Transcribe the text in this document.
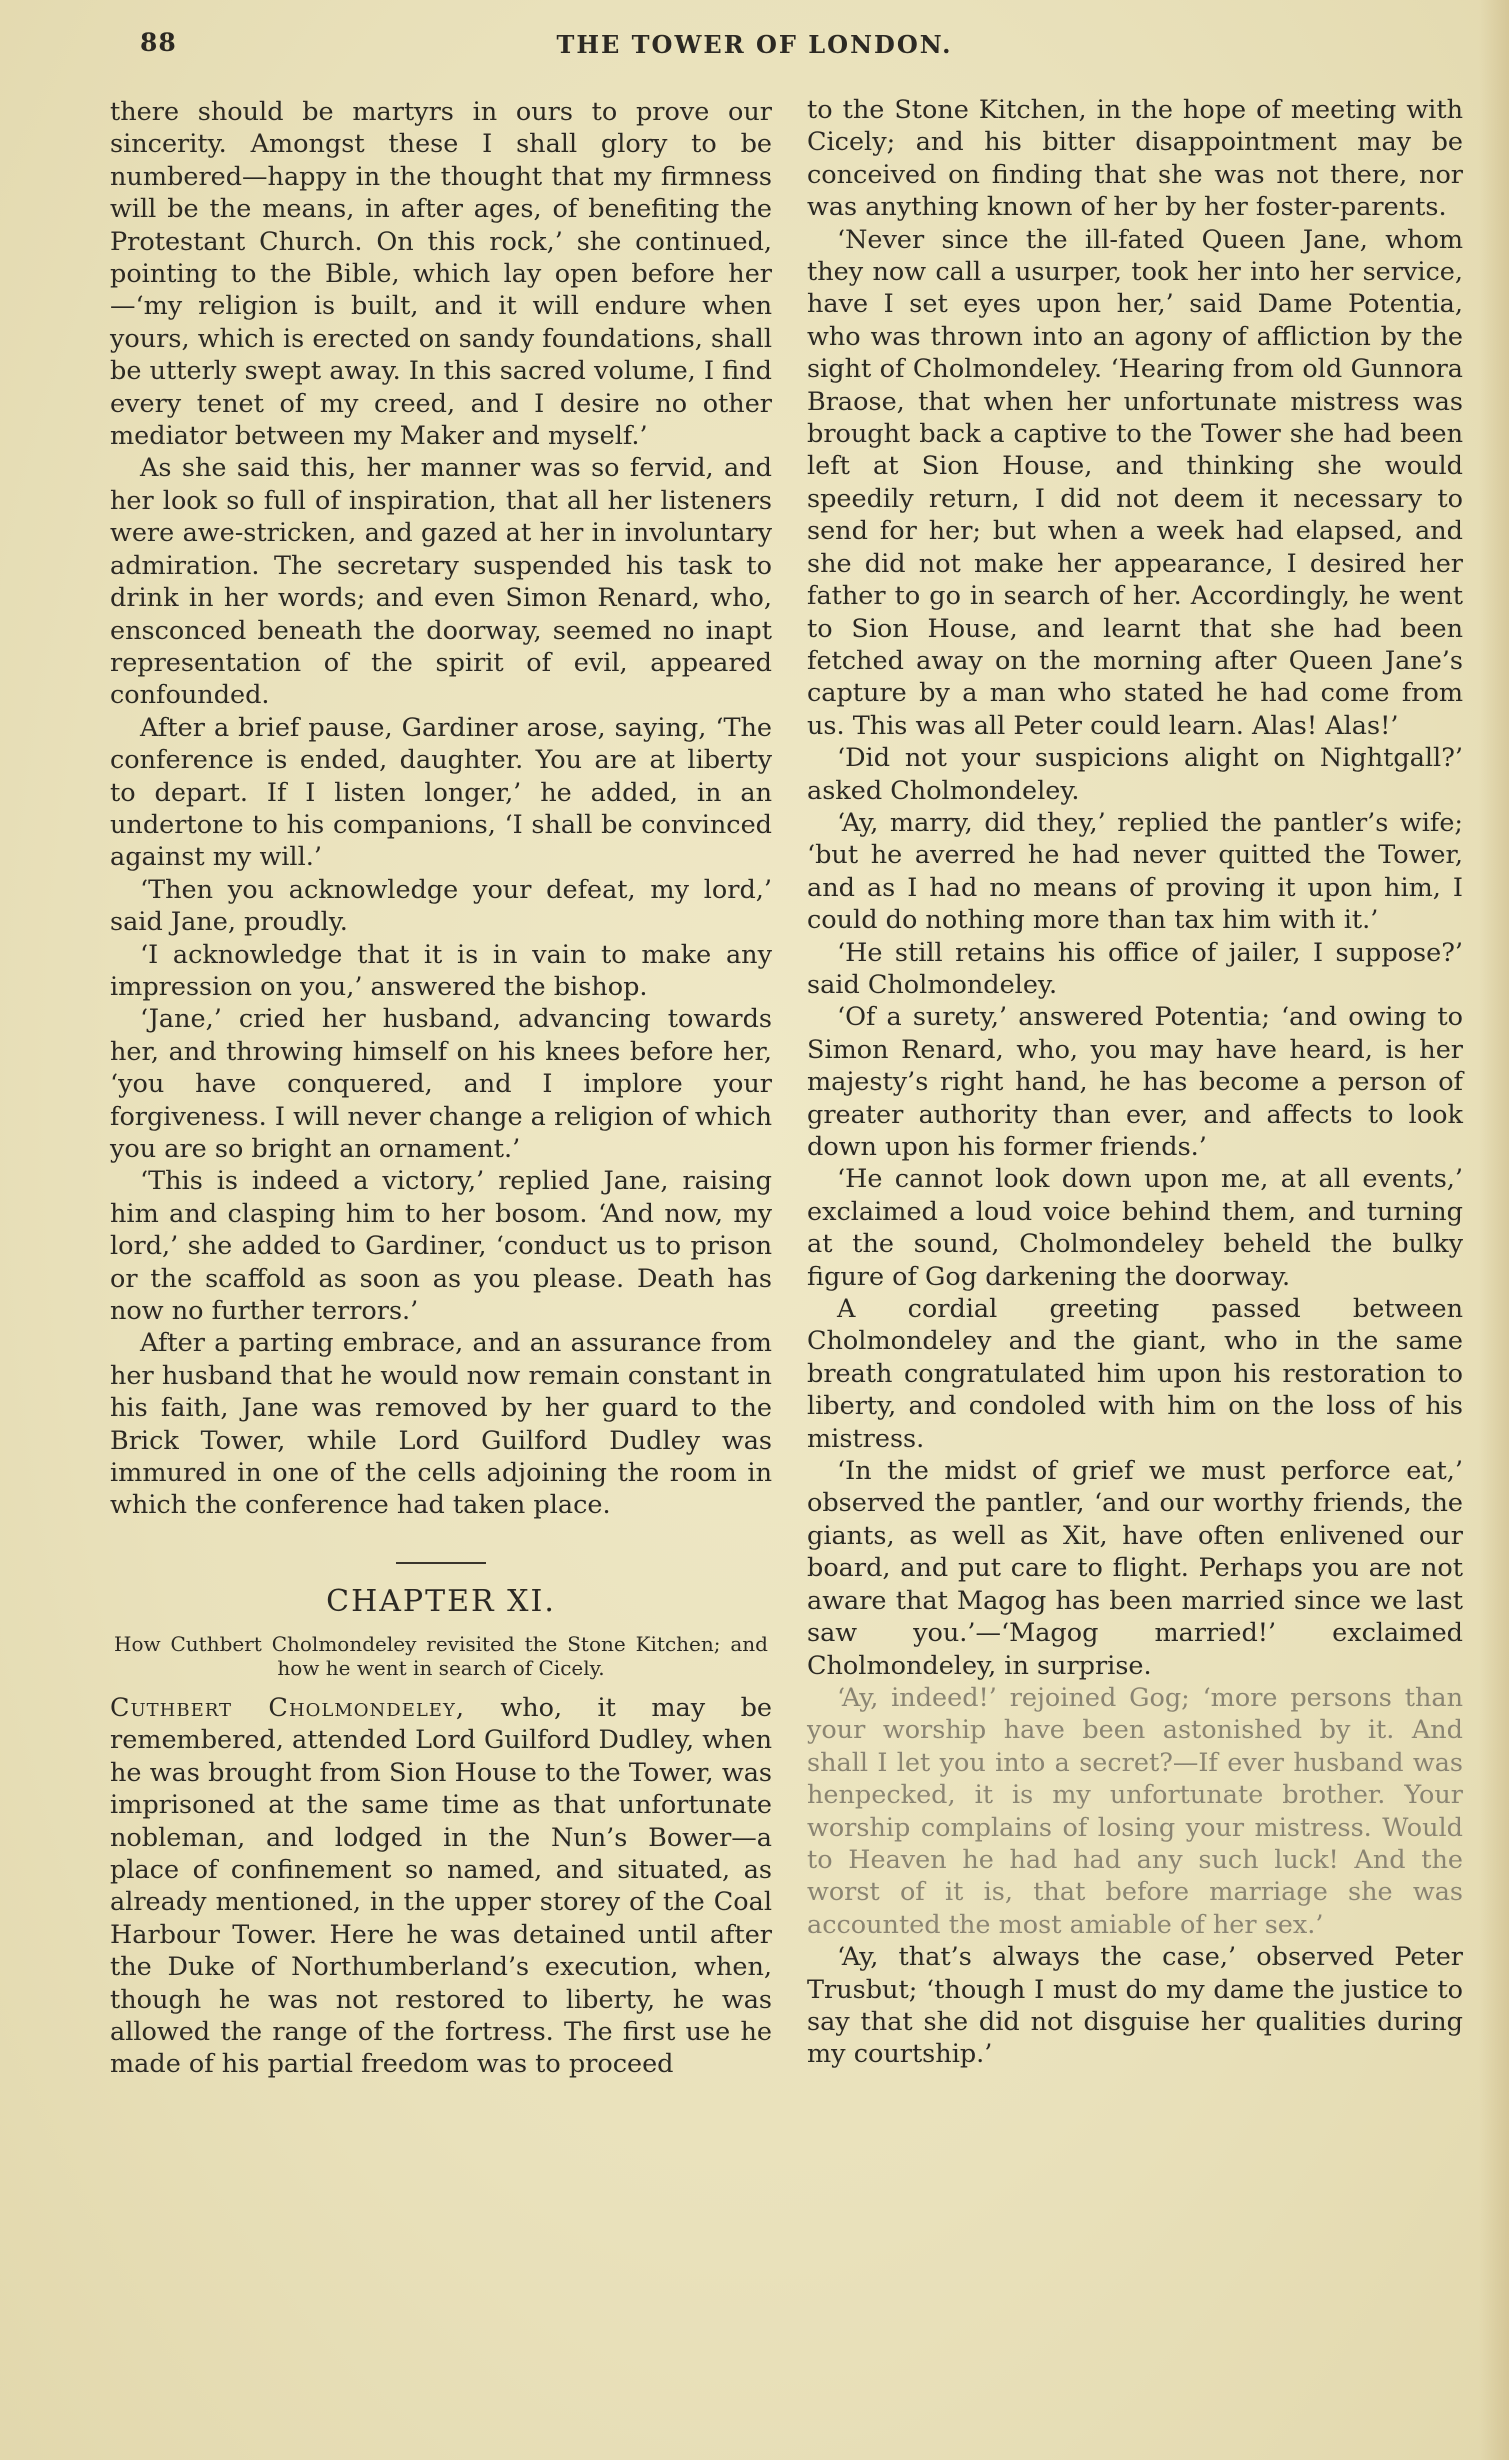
88	THE TOWER OF LONDON.

there should be martyrs in ours to prove our sincerity. Amongst these I shall glory to be numbered—happy in the thought that my firmness will be the means, in after ages, of benefiting the Protestant Church. On this rock,’ she continued, pointing to the Bible, which lay open before her—‘my religion is built, and it will endure when yours, which is erected on sandy foundations, shall be utterly swept away. In this sacred volume, I find every tenet of my creed, and I desire no other mediator between my Maker and myself.’

As she said this, her manner was so fervid, and her look so full of inspiration, that all her listeners were awe-stricken, and gazed at her in involuntary admiration. The secretary suspended his task to drink in her words; and even Simon Renard, who, ensconced beneath the doorway, seemed no inapt representation of the spirit of evil, appeared confounded.

After a brief pause, Gardiner arose, saying, ‘The conference is ended, daughter. You are at liberty to depart. If I listen longer,’ he added, in an undertone to his companions, ‘I shall be convinced against my will.’

‘Then you acknowledge your defeat, my lord,’ said Jane, proudly.

‘I acknowledge that it is in vain to make any impression on you,’ answered the bishop.

‘Jane,’ cried her husband, advancing towards her, and throwing himself on his knees before her, ‘you have conquered, and I implore your forgiveness. I will never change a religion of which you are so bright an ornament.’

‘This is indeed a victory,’ replied Jane, raising him and clasping him to her bosom. ‘And now, my lord,’ she added to Gardiner, ‘conduct us to prison or the scaffold as soon as you please. Death has now no further terrors.’

After a parting embrace, and an assurance from her husband that he would now remain constant in his faith, Jane was removed by her guard to the Brick Tower, while Lord Guilford Dudley was immured in one of the cells adjoining the room in which the conference had taken place.

CHAPTER XI.
How Cuthbert Cholmondeley revisited the Stone Kitchen; and how he went in search of Cicely.

Cuthbert Cholmondeley, who, it may be remembered, attended Lord Guilford Dudley, when he was brought from Sion House to the Tower, was imprisoned at the same time as that unfortunate nobleman, and lodged in the Nun’s Bower—a place of confinement so named, and situated, as already mentioned, in the upper storey of the Coal Harbour Tower. Here he was detained until after the Duke of Northumberland’s execution, when, though he was not restored to liberty, he was allowed the range of the fortress. The first use he made of his partial freedom was to proceed

to the Stone Kitchen, in the hope of meeting with Cicely; and his bitter disappointment may be conceived on finding that she was not there, nor was anything known of her by her foster-parents.

‘Never since the ill-fated Queen Jane, whom they now call a usurper, took her into her service, have I set eyes upon her,’ said Dame Potentia, who was thrown into an agony of affliction by the sight of Cholmondeley. ‘Hearing from old Gunnora Braose, that when her unfortunate mistress was brought back a captive to the Tower she had been left at Sion House, and thinking she would speedily return, I did not deem it necessary to send for her; but when a week had elapsed, and she did not make her appearance, I desired her father to go in search of her. Accordingly, he went to Sion House, and learnt that she had been fetched away on the morning after Queen Jane’s capture by a man who stated he had come from us. This was all Peter could learn. Alas! Alas!’

‘Did not your suspicions alight on Nightgall?’ asked Cholmondeley.

‘Ay, marry, did they,’ replied the pantler’s wife; ‘but he averred he had never quitted the Tower, and as I had no means of proving it upon him, I could do nothing more than tax him with it.’

‘He still retains his office of jailer, I suppose?’ said Cholmondeley.

‘Of a surety,’ answered Potentia; ‘and owing to Simon Renard, who, you may have heard, is her majesty’s right hand, he has become a person of greater authority than ever, and affects to look down upon his former friends.’

‘He cannot look down upon me, at all events,’ exclaimed a loud voice behind them, and turning at the sound, Cholmondeley beheld the bulky figure of Gog darkening the doorway.

A cordial greeting passed between Cholmondeley and the giant, who in the same breath congratulated him upon his restoration to liberty, and condoled with him on the loss of his mistress.

‘In the midst of grief we must perforce eat,’ observed the pantler, ‘and our worthy friends, the giants, as well as Xit, have often enlivened our board, and put care to flight. Perhaps you are not aware that Magog has been married since we last saw you.’—‘Magog married!’ exclaimed Cholmondeley, in surprise.

‘Ay, indeed!’ rejoined Gog; ‘more persons than your worship have been astonished by it. And shall I let you into a secret?—If ever husband was henpecked, it is my unfortunate brother. Your worship complains of losing your mistress. Would to Heaven he had had any such luck! And the worst of it is, that before marriage she was accounted the most amiable of her sex.’

‘Ay, that’s always the case,’ observed Peter Trusbut; ‘though I must do my dame the justice to say that she did not disguise her qualities during my courtship.’
